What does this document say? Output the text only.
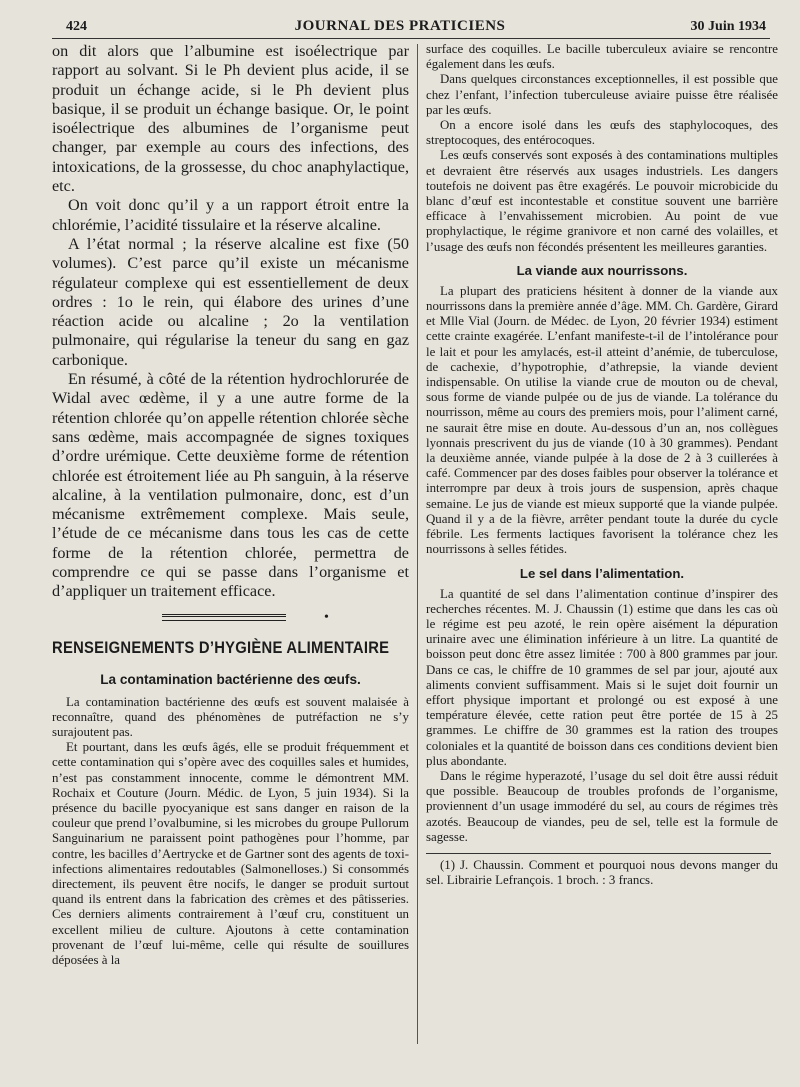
424	JOURNAL DES PRATICIENS	30 Juin 1934

on dit alors que l’albumine est isoélectrique par rapport au solvant. Si le Ph devient plus acide, il se produit un échange acide, si le Ph devient plus basique, il se produit un échange basique. Or, le point isoélectrique des albumines de l’organisme peut changer, par exemple au cours des infections, des intoxications, de la grossesse, du choc anaphylactique, etc.

On voit donc qu’il y a un rapport étroit entre la chlorémie, l’acidité tissulaire et la réserve alcaline.

A l’état normal ; la réserve alcaline est fixe (50 volumes). C’est parce qu’il existe un mécanisme régulateur complexe qui est essentiellement de deux ordres : 1o le rein, qui élabore des urines d’une réaction acide ou alcaline ; 2o la ventilation pulmonaire, qui régularise la teneur du sang en gaz carbonique.

En résumé, à côté de la rétention hydrochlorurée de Widal avec œdème, il y a une autre forme de la rétention chlorée qu’on appelle rétention chlorée sèche sans œdème, mais accompagnée de signes toxiques d’ordre urémique. Cette deuxième forme de rétention chlorée est étroitement liée au Ph sanguin, à la réserve alcaline, à la ventilation pulmonaire, donc, est d’un mécanisme extrêmement complexe. Mais seule, l’étude de ce mécanisme dans tous les cas de cette forme de la rétention chlorée, permettra de comprendre ce qui se passe dans l’organisme et d’appliquer un traitement efficace.

•
RENSEIGNEMENTS D’HYGIÈNE ALIMENTAIRE
La contamination bactérienne des œufs.

La contamination bactérienne des œufs est souvent malaisée à reconnaître, quand des phénomènes de putréfaction ne s’y surajoutent pas.

Et pourtant, dans les œufs âgés, elle se produit fréquemment et cette contamination qui s’opère avec des coquilles sales et humides, n’est pas constamment innocente, comme le démontrent MM. Rochaix et Couture (Journ. Médic. de Lyon, 5 juin 1934). Si la présence du bacille pyocyanique est sans danger en raison de la couleur que prend l’ovalbumine, si les microbes du groupe Pullorum Sanguinarium ne paraissent point pathogènes pour l’homme, par contre, les bacilles d’Aertrycke et de Gartner sont des agents de toxi-infections alimentaires redoutables (Salmonelloses.) Si consommés directement, ils peuvent être nocifs, le danger se produit surtout quand ils entrent dans la fabrication des crèmes et des pâtisseries. Ces derniers aliments contrairement à l’œuf cru, constituent un excellent milieu de culture. Ajoutons à cette contamination provenant de l’œuf lui-même, celle qui résulte de souillures déposées à la

surface des coquilles. Le bacille tuberculeux aviaire se rencontre également dans les œufs.

Dans quelques circonstances exceptionnelles, il est possible que chez l’enfant, l’infection tuberculeuse aviaire puisse être réalisée par les œufs.

On a encore isolé dans les œufs des staphylocoques, des streptocoques, des entérocoques.

Les œufs conservés sont exposés à des contaminations multiples et devraient être réservés aux usages industriels. Les dangers toutefois ne doivent pas être exagérés. Le pouvoir microbicide du blanc d’œuf est incontestable et constitue souvent une barrière efficace à l’envahissement microbien. Au point de vue prophylactique, le régime granivore et non carné des volailles, et l’usage des œufs non fécondés présentent les meilleures garanties.

La viande aux nourrissons.

La plupart des praticiens hésitent à donner de la viande aux nourrissons dans la première année d’âge. MM. Ch. Gardère, Girard et Mlle Vial (Journ. de Médec. de Lyon, 20 février 1934) estiment cette crainte exagérée. L’enfant manifeste-t-il de l’intolérance pour le lait et pour les amylacés, est-il atteint d’anémie, de tuberculose, de cachexie, d’hypotrophie, d’athrepsie, la viande devient indispensable. On utilise la viande crue de mouton ou de cheval, sous forme de viande pulpée ou de jus de viande. La tolérance du nourrisson, même au cours des premiers mois, pour l’aliment carné, ne saurait être mise en doute. Au-dessous d’un an, nos collègues lyonnais prescrivent du jus de viande (10 à 30 grammes). Pendant la deuxième année, viande pulpée à la dose de 2 à 3 cuillerées à café. Commencer par des doses faibles pour observer la tolérance et interrompre par deux à trois jours de suspension, après chaque semaine. Le jus de viande est mieux supporté que la viande pulpée. Quand il y a de la fièvre, arrêter pendant toute la durée du cycle fébrile. Les ferments lactiques favorisent la tolérance chez les nourrissons à selles fétides.

Le sel dans l’alimentation.

La quantité de sel dans l’alimentation continue d’inspirer des recherches récentes. M. J. Chaussin (1) estime que dans les cas où le régime est peu azoté, le rein opère aisément la dépuration urinaire avec une élimination inférieure à un litre. La quantité de boisson peut donc être assez limitée : 700 à 800 grammes par jour. Dans ce cas, le chiffre de 10 grammes de sel par jour, ajouté aux aliments convient suffisamment. Mais si le sujet doit fournir un effort physique important et prolongé ou est exposé à une température élevée, cette ration peut être portée de 15 à 25 grammes. Le chiffre de 30 grammes est la ration des troupes coloniales et la quantité de boisson dans ces conditions devient bien plus abondante.

Dans le régime hyperazoté, l’usage du sel doit être aussi réduit que possible. Beaucoup de troubles profonds de l’organisme, proviennent d’un usage immodéré du sel, au cours de régimes très azotés. Beaucoup de viandes, peu de sel, telle est la formule de sagesse.

(1) J. Chaussin. Comment et pourquoi nous devons manger du sel. Librairie Lefrançois. 1 broch. : 3 francs.
